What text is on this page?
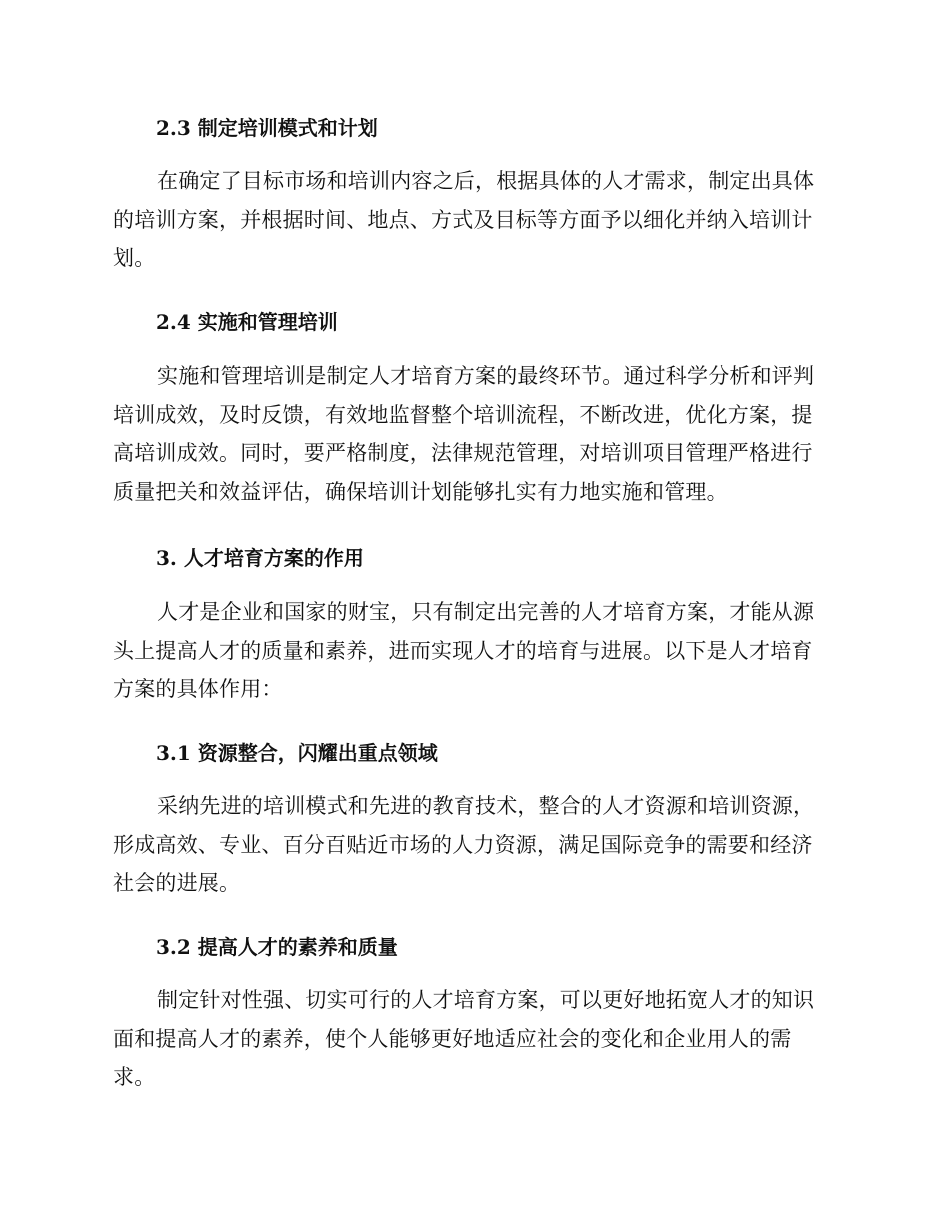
2.3 制定培训模式和计划
在确定了目标市场和培训内容之后，根据具体的人才需求，制定出具体
的培训方案，并根据时间、地点、方式及目标等方面予以细化并纳入培训计
划。
2.4 实施和管理培训
实施和管理培训是制定人才培育方案的最终环节。通过科学分析和评判
培训成效，及时反馈，有效地监督整个培训流程，不断改进，优化方案，提
高培训成效。同时，要严格制度，法律规范管理，对培训项目管理严格进行
质量把关和效益评估，确保培训计划能够扎实有力地实施和管理。
3. 人才培育方案的作用
人才是企业和国家的财宝，只有制定出完善的人才培育方案，才能从源
头上提高人才的质量和素养，进而实现人才的培育与进展。以下是人才培育
方案的具体作用：
3.1 资源整合，闪耀出重点领域
采纳先进的培训模式和先进的教育技术，整合的人才资源和培训资源，
形成高效、专业、百分百贴近市场的人力资源，满足国际竞争的需要和经济
社会的进展。
3.2 提高人才的素养和质量
制定针对性强、切实可行的人才培育方案，可以更好地拓宽人才的知识
面和提高人才的素养，使个人能够更好地适应社会的变化和企业用人的需
求。
